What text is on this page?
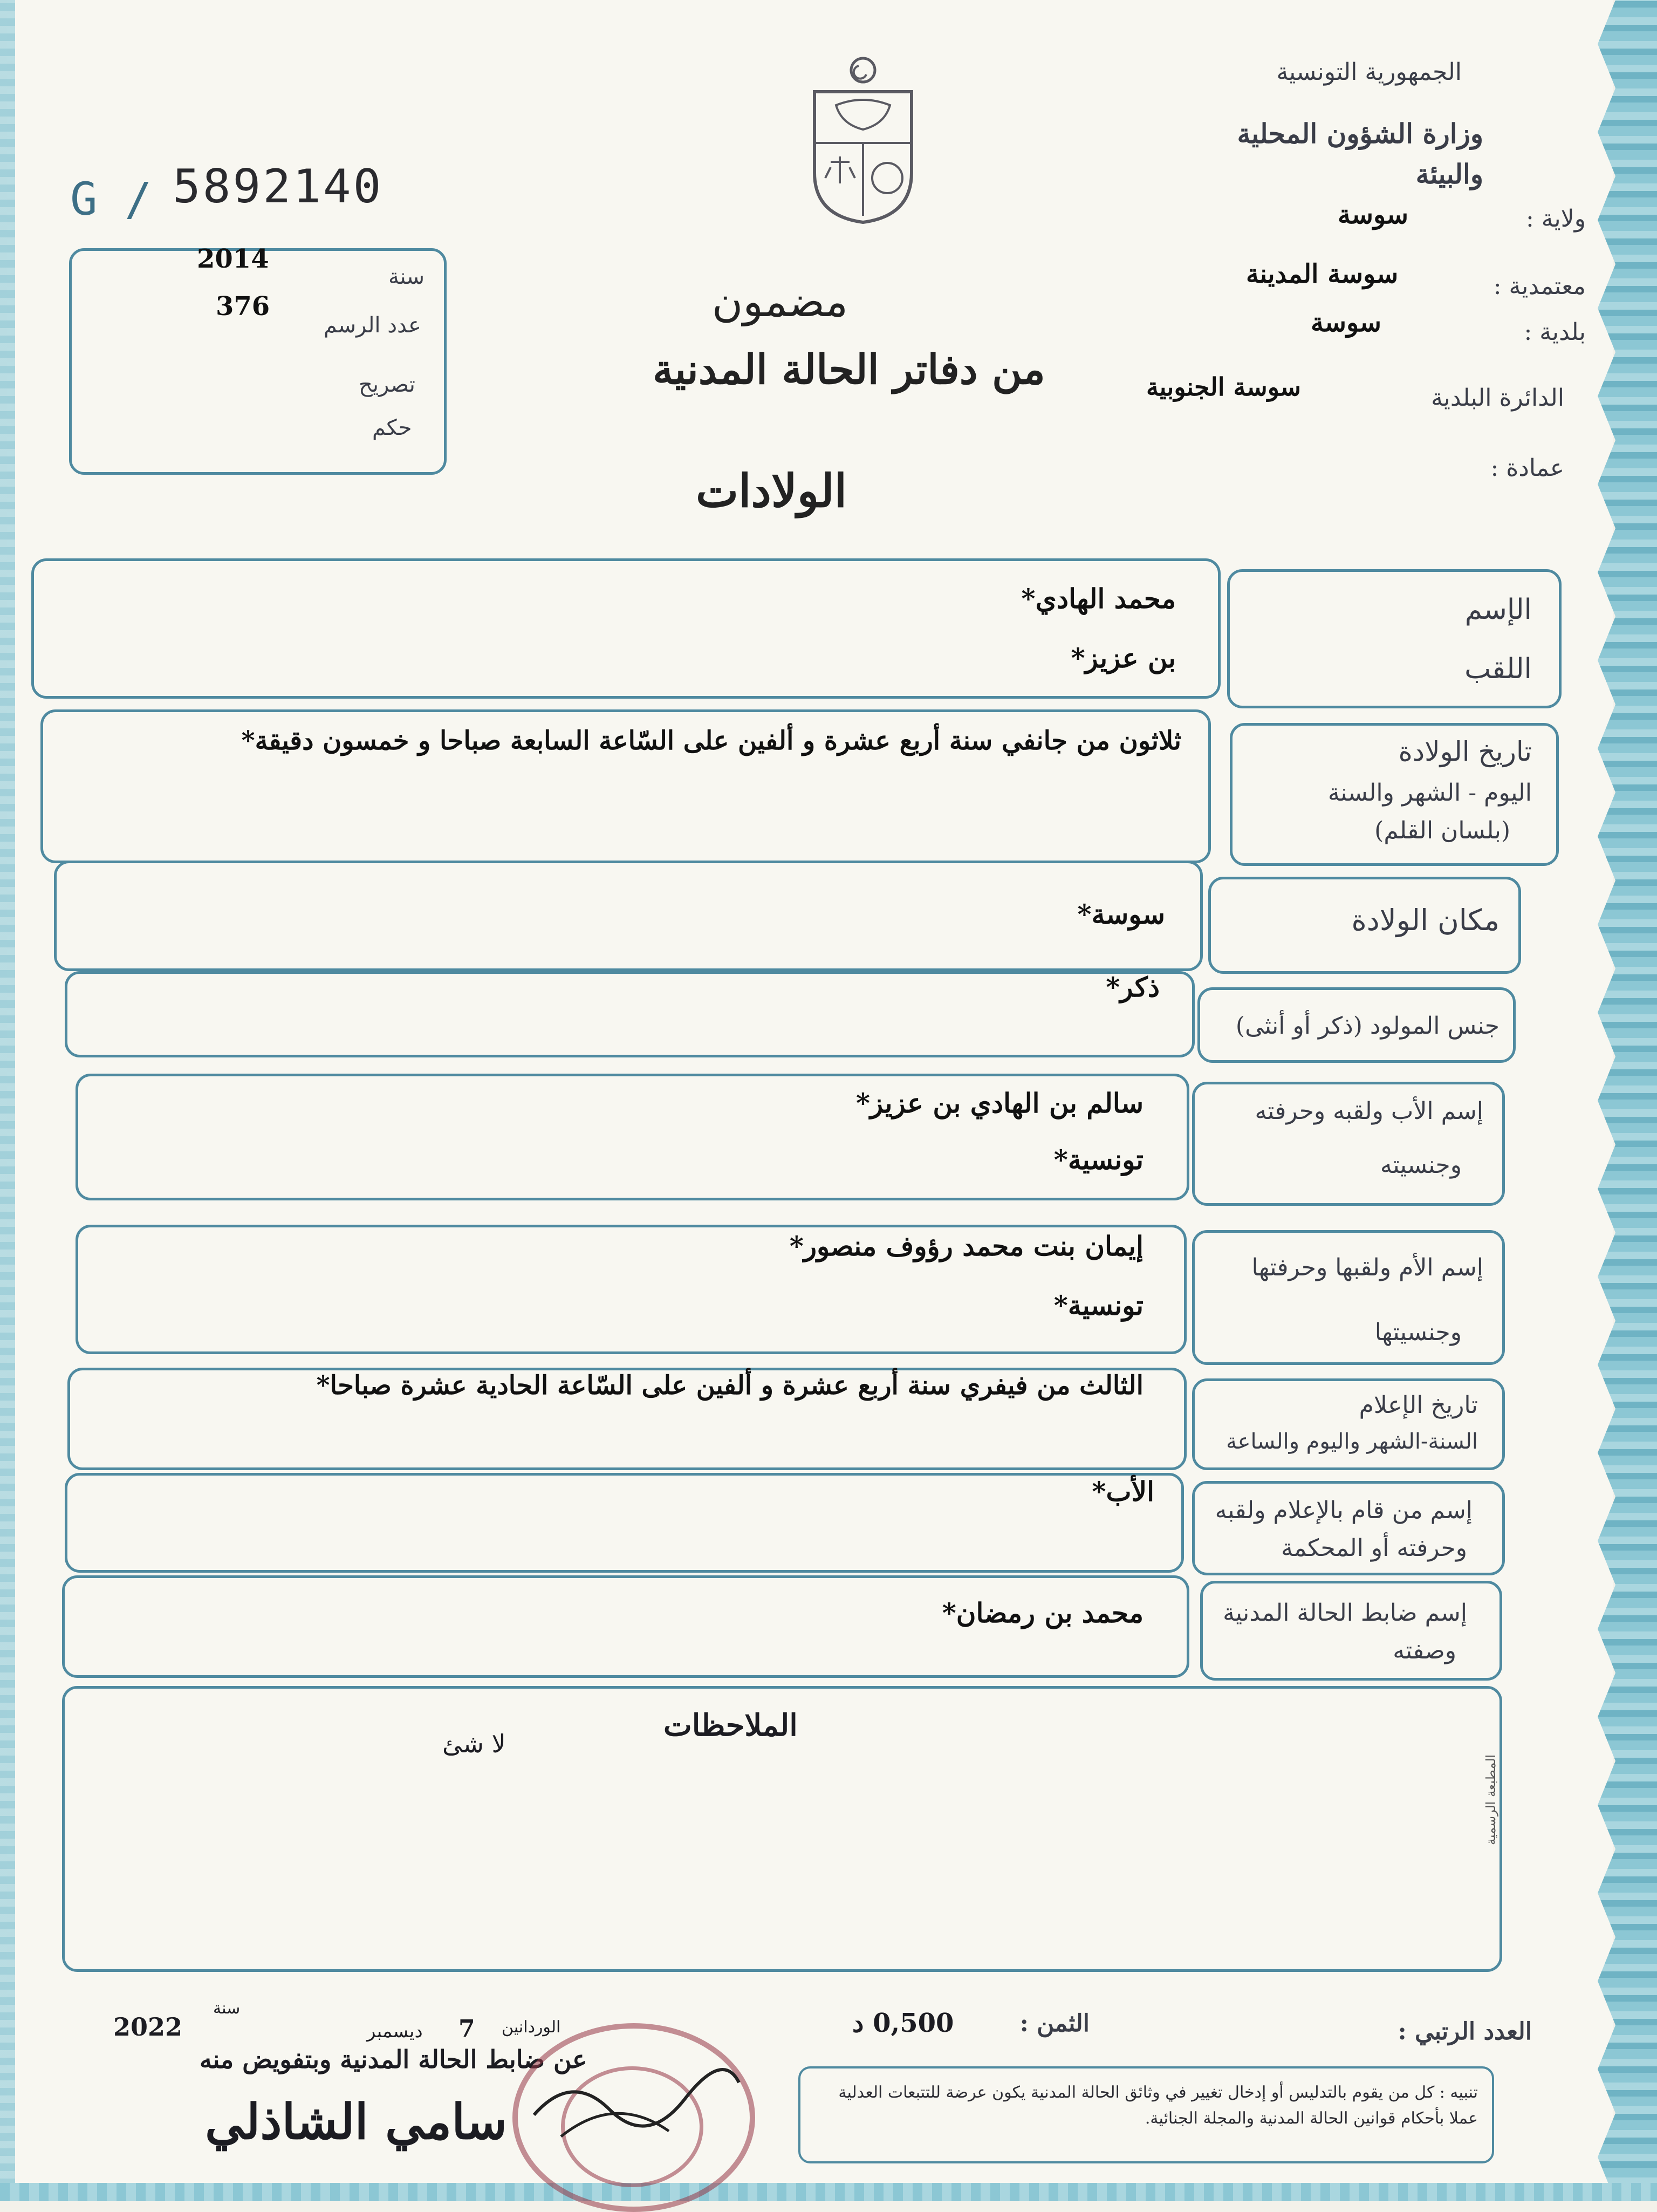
G / 5892140
2014
سنة
376
عدد الرسم
تصريح
حكم
الجمهورية التونسية
وزارة الشؤون المحلية والبيئة
ولاية :
سوسة
معتمدية :
سوسة المدينة
بلدية :
سوسة
الدائرة البلدية
سوسة الجنوبية
عمادة :
مضمون
من دفاتر الحالة المدنية
الولادات
الإسم
اللقب
محمد الهادي*
بن عزيز*
تاريخ الولادة
اليوم - الشهر والسنة
(بلسان القلم)
ثلاثون من جانفي سنة أربع عشرة و ألفين على السّاعة السابعة صباحا و خمسون دقيقة*
مكان الولادة
سوسة*
جنس المولود (ذكر أو أنثى)
ذكر*
إسم الأب ولقبه وحرفته
وجنسيته
سالم بن الهادي بن عزيز*
تونسية*
إسم الأم ولقبها وحرفتها
وجنسيتها
إيمان بنت محمد رؤوف منصور*
تونسية*
تاريخ الإعلام
السنة-الشهر واليوم والساعة
الثالث من فيفري سنة أربع عشرة و ألفين على السّاعة الحادية عشرة صباحا*
إسم من قام بالإعلام ولقبه
وحرفته أو المحكمة
الأب*
إسم ضابط الحالة المدنية
وصفته
محمد بن رمضان*
الملاحظات
لا شئ
المطبعة الرسمية
العدد الرتبي :
الثمن :
0,500 د
سنة
2022	7
ديسمبر	الوردانين
عن ضابط الحالة المدنية وبتفويض منه
سامي الشاذلي
تنبيه : كل من يقوم بالتدليس أو إدخال تغيير في وثائق الحالة المدنية يكون عرضة للتتبعات العدلية عملا بأحكام قوانين الحالة المدنية والمجلة الجنائية.
